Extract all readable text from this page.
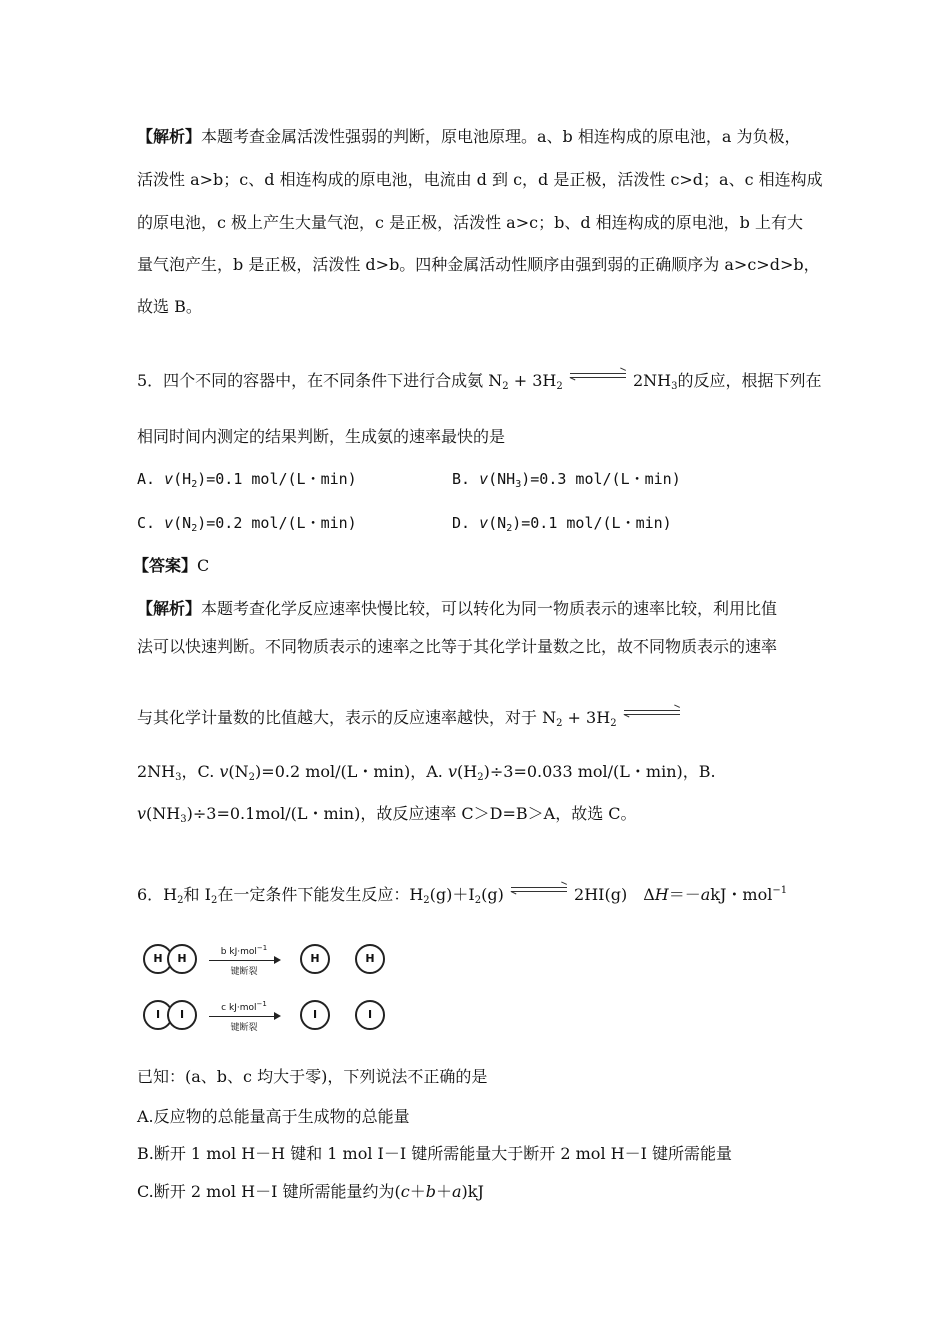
【解析】本题考查金属活泼性强弱的判断，原电池原理。a、b 相连构成的原电池，a 为负极，
活泼性 a>b；c、d 相连构成的原电池，电流由 d 到 c，d 是正极，活泼性 c>d；a、c 相连构成
的原电池，c 极上产生大量气泡，c 是正极，活泼性 a>c；b、d 相连构成的原电池，b 上有大
量气泡产生，b 是正极，活泼性 d>b。四种金属活动性顺序由强到弱的正确顺序为 a>c>d>b，
故选 B。
5．四个不同的容器中，在不同条件下进行合成氨 $N_2 + 3H_2$ ⇌ $2NH_3$的反应，根据下列在
相同时间内测定的结果判断，生成氨的速率最快的是
A. $v(H_2)=0.1$ mol/(L・min)	B. $v(NH_3)=0.3$ mol/(L・min)
C. $v(N_2)=0.2$ mol/(L・min)	D. $v(N_2)=0.1$ mol/(L・min)
【答案】C
【解析】本题考查化学反应速率快慢比较，可以转化为同一物质表示的速率比较，利用比值
法可以快速判断。不同物质表示的速率之比等于其化学计量数之比，故不同物质表示的速率
与其化学计量数的比值越大，表示的反应速率越快，对于 $N_2 + 3H_2$
$2NH_3$，C. $v(N_2)=0.2$ mol/(L・min)，A. $v(H_2)\div 3=0.033$ mol/(L・min)，B.
$v(NH_3)\div 3=0.1mol/(L$・min)，故反应速率 C＞D=B＞A，故选 C。
6．$H_2$和 $I_2$在一定条件下能发生反应：$H_2(g)+I_2(g)$ ⇌ 2HI(g)　ΔH＝－akJ・mol$^{-1}$
H	H	b kJ·mol$^{-1}$
键断裂
H	H
I	I	c kJ·mol$^{-1}$
键断裂
I	I
已知：(a、b、c 均大于零)，下列说法不正确的是
A.反应物的总能量高于生成物的总能量
B.断开 1 mol H－H 键和 1 mol I－I 键所需能量大于断开 2 mol H－I 键所需能量
C.断开 2 mol H－I 键所需能量约为(c＋b＋a)kJ
